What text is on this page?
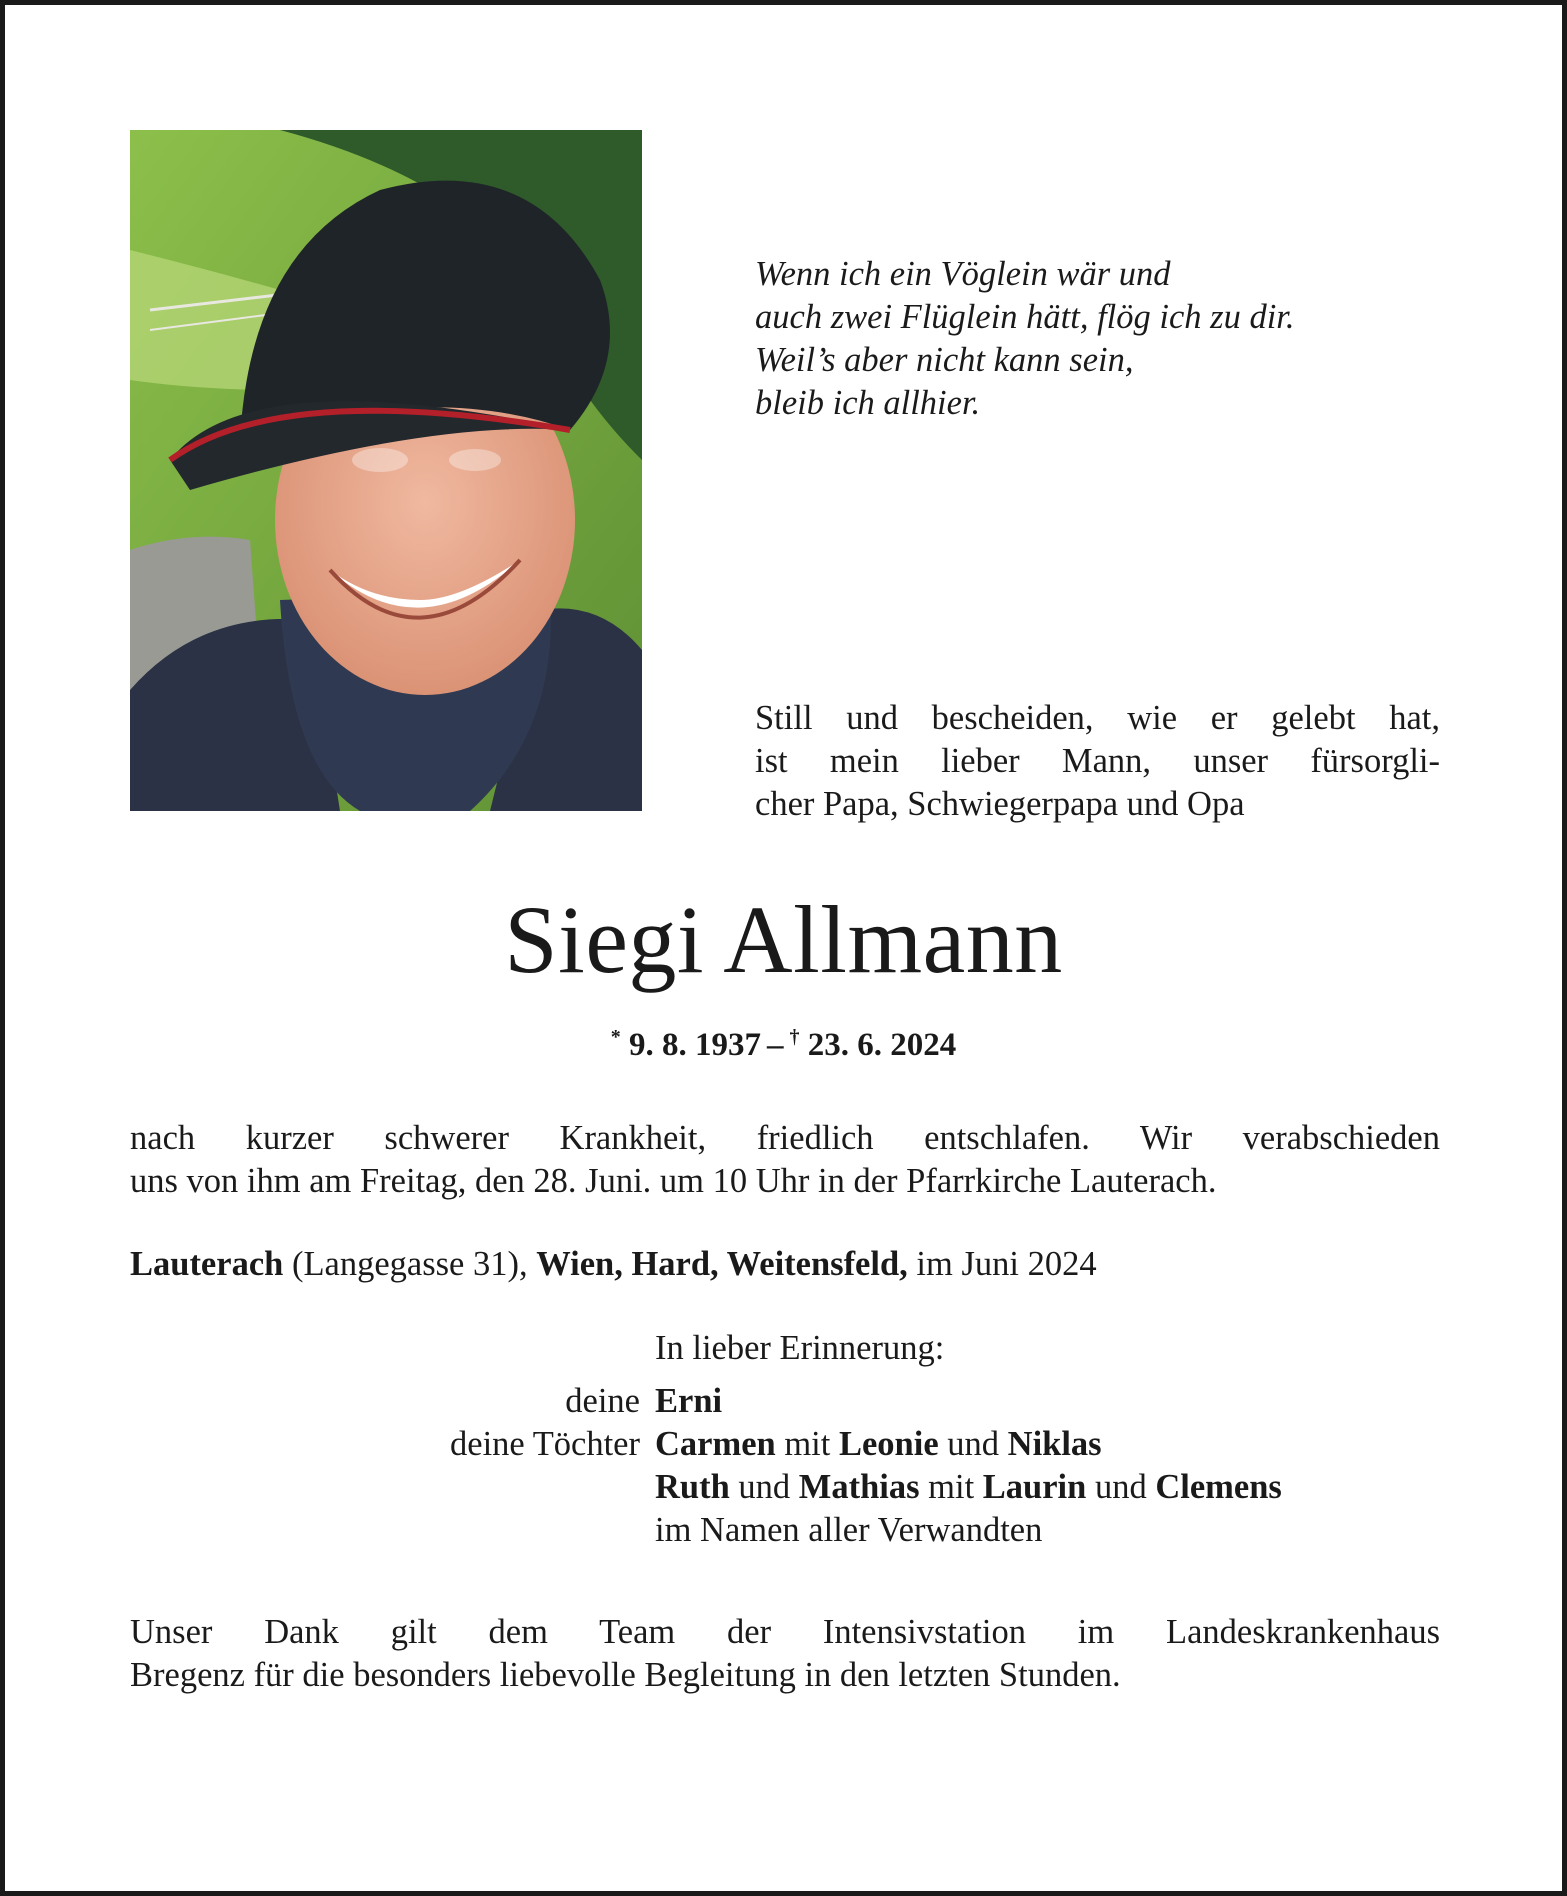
Wenn ich ein Vöglein wär und
auch zwei Flüglein hätt, flög ich zu dir.
Weil’s aber nicht kann sein,
bleib ich allhier.
Still und bescheiden, wie er gelebt hat,
ist mein lieber Mann, unser fürsorgli-
cher Papa, Schwiegerpapa und Opa
Siegi Allmann
* 9. 8. 1937 – † 23. 6. 2024
nach kurzer schwerer Krankheit, friedlich entschlafen. Wir verabschieden
uns von ihm am Freitag, den 28. Juni. um 10 Uhr in der Pfarrkirche Lauterach.
Lauterach (Langegasse 31), Wien, Hard, Weitensfeld, im Juni 2024
In lieber Erinnerung:
deine Erni
deine Töchter Carmen mit Leonie und Niklas
Ruth und Mathias mit Laurin und Clemens
im Namen aller Verwandten
Unser Dank gilt dem Team der Intensivstation im Landeskrankenhaus
Bregenz für die besonders liebevolle Begleitung in den letzten Stunden.
